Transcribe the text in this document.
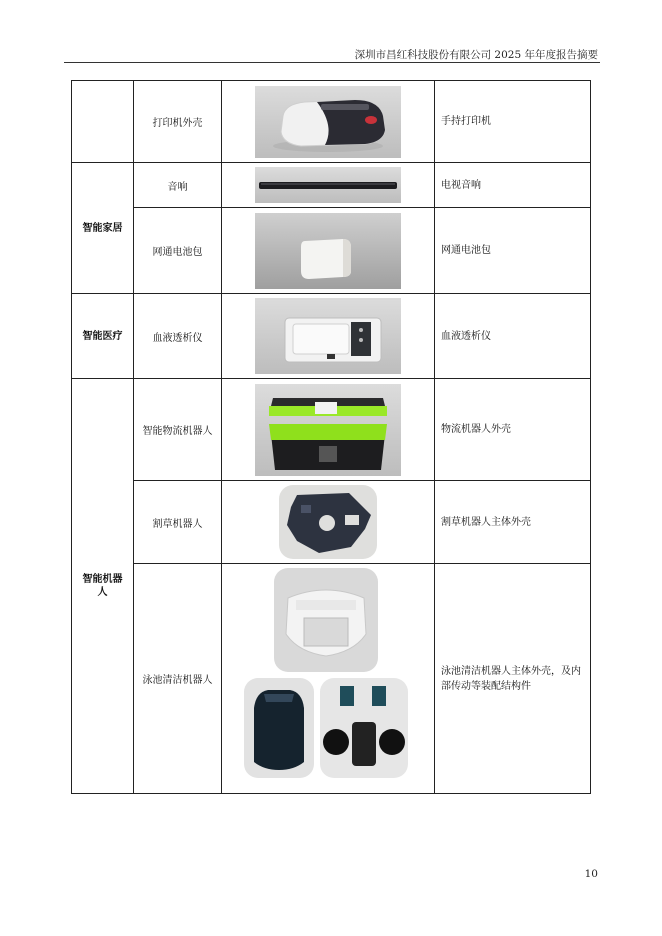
深圳市昌红科技股份有限公司 2025 年年度报告摘要
	打印机外壳		手持打印机
智能家居	音响		电视音响
	网通电池包		网通电池包
智能医疗	血液透析仪		血液透析仪
智能机器人	智能物流机器人		物流机器人外壳
	割草机器人		割草机器人主体外壳
	泳池清洁机器人		泳池清洁机器人主体外壳，及内部传动等装配结构件
10
